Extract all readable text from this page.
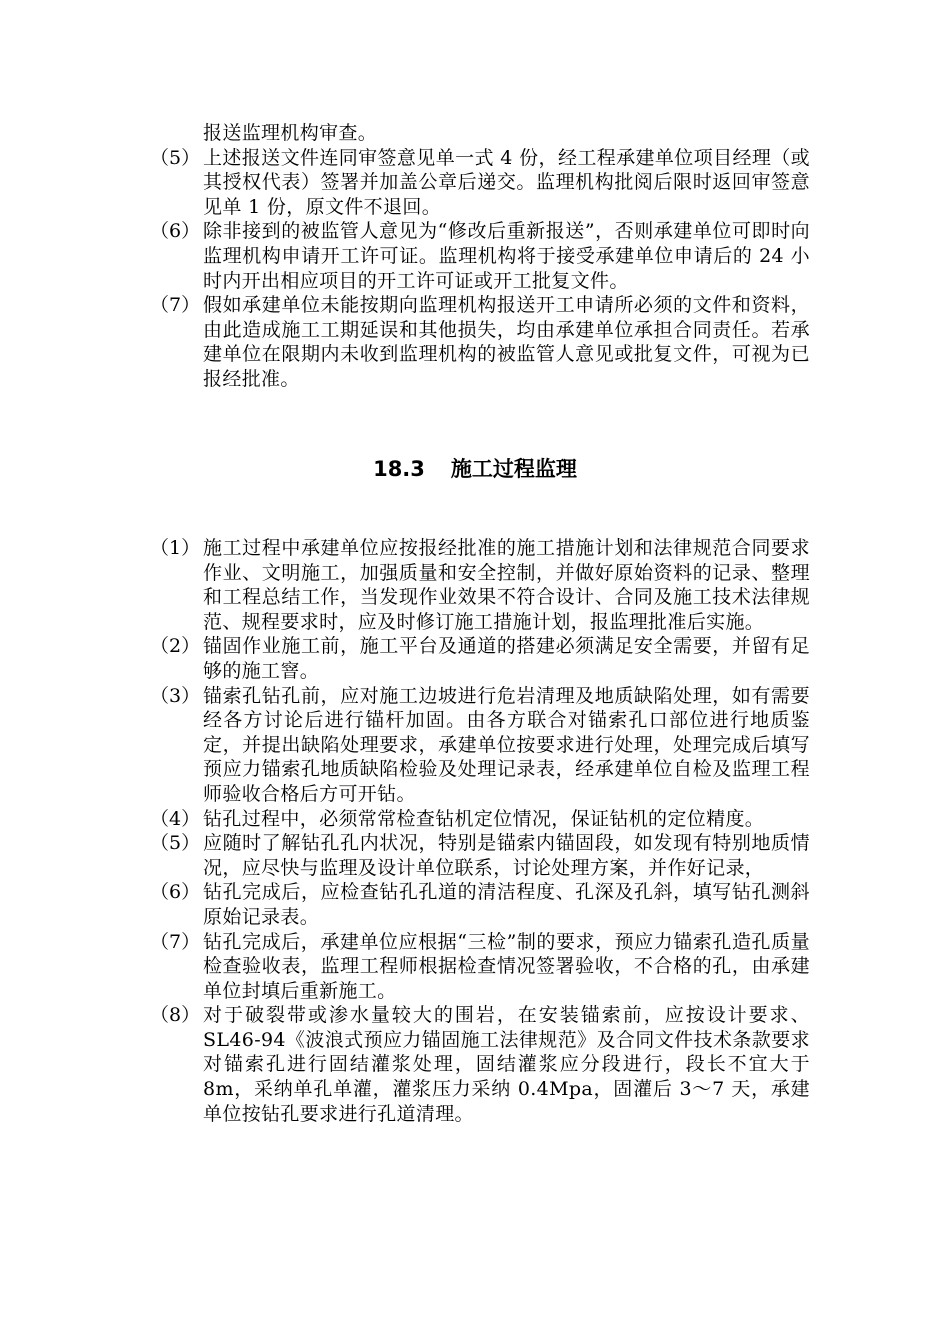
报送监理机构审查。
（5） 上述报送文件连同审签意见单一式 4 份，经工程承建单位项目经理（或其授权代表）签署并加盖公章后递交。监理机构批阅后限时返回审签意见单 1 份，原文件不退回。
（6） 除非接到的被监管人意见为“修改后重新报送”，否则承建单位可即时向监理机构申请开工许可证。监理机构将于接受承建单位申请后的 24 小时内开出相应项目的开工许可证或开工批复文件。
（7） 假如承建单位未能按期向监理机构报送开工申请所必须的文件和资料，由此造成施工工期延误和其他损失，均由承建单位承担合同责任。若承建单位在限期内未收到监理机构的被监管人意见或批复文件，可视为已报经批准。
18.3 施工过程监理
（1） 施工过程中承建单位应按报经批准的施工措施计划和法律规范合同要求作业、文明施工，加强质量和安全控制，并做好原始资料的记录、整理和工程总结工作，当发现作业效果不符合设计、合同及施工技术法律规范、规程要求时，应及时修订施工措施计划，报监理批准后实施。
（2） 锚固作业施工前，施工平台及通道的搭建必须满足安全需要，并留有足够的施工窨。
（3） 锚索孔钻孔前，应对施工边坡进行危岩清理及地质缺陷处理，如有需要经各方讨论后进行锚杆加固。由各方联合对锚索孔口部位进行地质鉴定，并提出缺陷处理要求，承建单位按要求进行处理，处理完成后填写预应力锚索孔地质缺陷检验及处理记录表，经承建单位自检及监理工程师验收合格后方可开钻。
（4） 钻孔过程中，必须常常检查钻机定位情况，保证钻机的定位精度。
（5） 应随时了解钻孔孔内状况，特别是锚索内锚固段，如发现有特别地质情况，应尽快与监理及设计单位联系，讨论处理方案，并作好记录，
（6） 钻孔完成后，应检查钻孔孔道的清洁程度、孔深及孔斜，填写钻孔测斜原始记录表。
（7） 钻孔完成后，承建单位应根据“三检”制的要求，预应力锚索孔造孔质量检查验收表，监理工程师根据检查情况签署验收，不合格的孔，由承建单位封填后重新施工。
（8） 对于破裂带或渗水量较大的围岩，在安装锚索前，应按设计要求、SL46-94《波浪式预应力锚固施工法律规范》及合同文件技术条款要求对锚索孔进行固结灌浆处理，固结灌浆应分段进行，段长不宜大于 8m，采纳单孔单灌，灌浆压力采纳 0.4Mpa，固灌后 3～7 天，承建单位按钻孔要求进行孔道清理。
